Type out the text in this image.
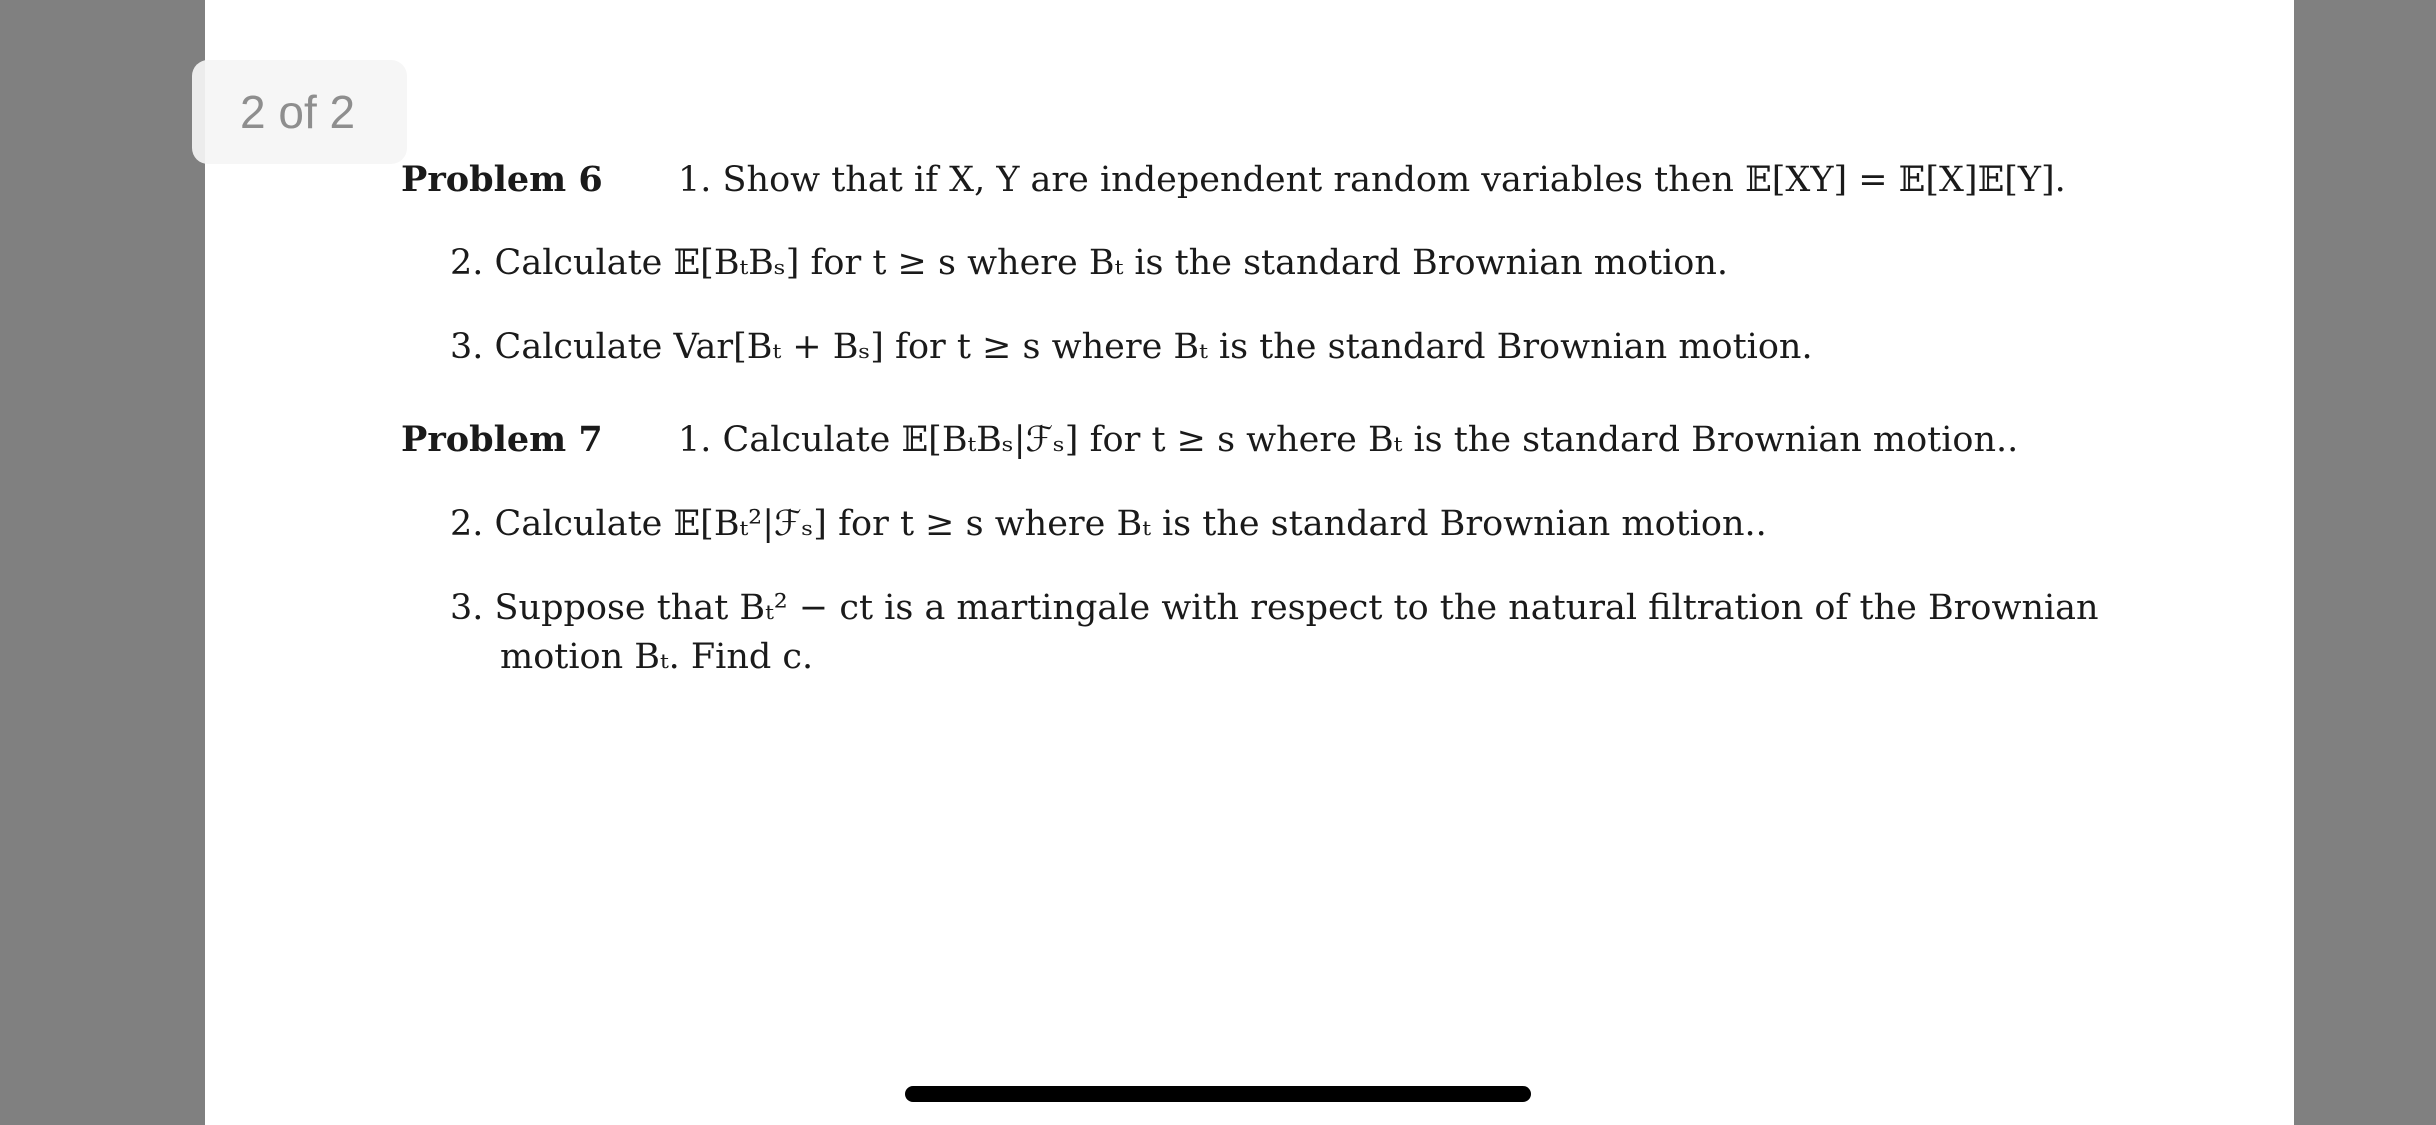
Problem 6 1. Show that if X, Y are independent random variables then 𝔼[XY] = 𝔼[X]𝔼[Y].
2. Calculate 𝔼[BₜBₛ] for t ≥ s where Bₜ is the standard Brownian motion.
3. Calculate Var[Bₜ + Bₛ] for t ≥ s where Bₜ is the standard Brownian motion.
Problem 7 1. Calculate 𝔼[BₜBₛ|ℱₛ] for t ≥ s where Bₜ is the standard Brownian motion..
2. Calculate 𝔼[Bₜ²|ℱₛ] for t ≥ s where Bₜ is the standard Brownian motion..
3. Suppose that Bₜ² − ct is a martingale with respect to the natural filtration of the Brownian
motion Bₜ. Find c.
2 of 2
